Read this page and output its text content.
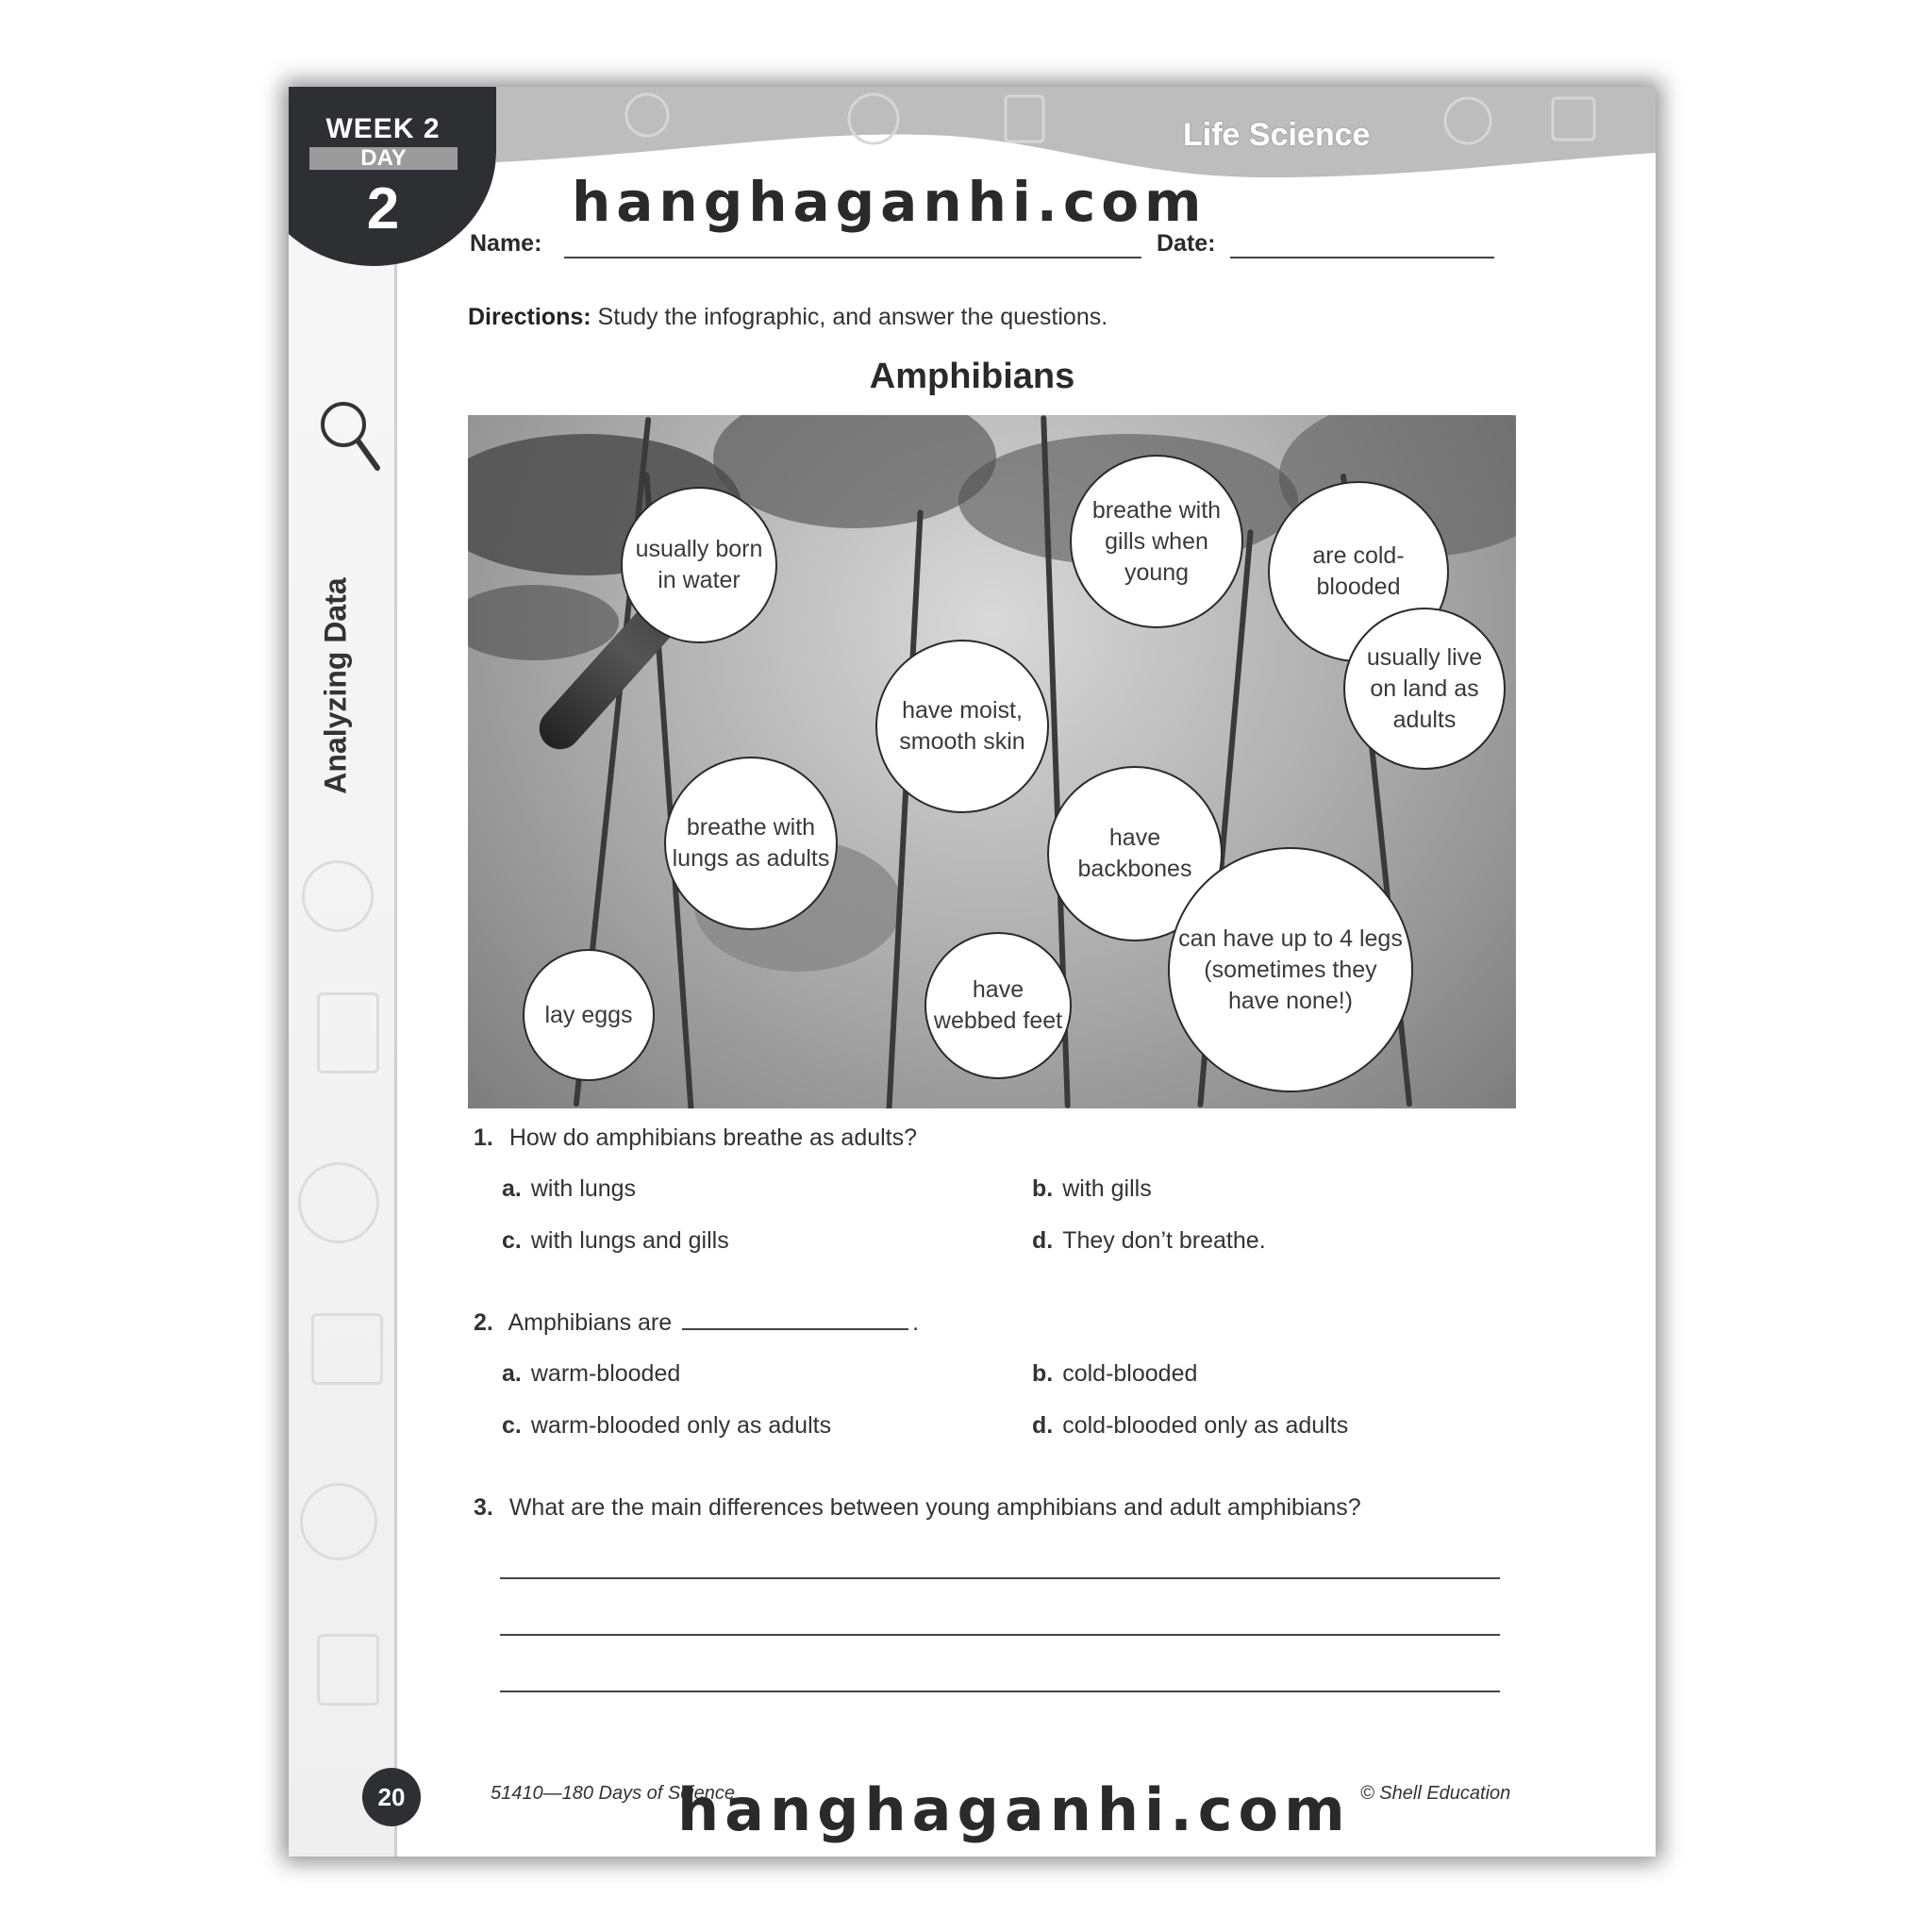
WEEK 2
DAY
2
Life Science
hanghaganhi.com
Name:	Date:
Analyzing Data
Directions: Study the infographic, and answer the questions.
Amphibians
usually born in water
breathe with gills when young
are cold-blooded
usually live on land as adults
have moist, smooth skin
breathe with lungs as adults
have backbones
can have up to 4 legs (sometimes they have none!)
have webbed feet
lay eggs
1. How do amphibians breathe as adults?
a. with lungs	b. with gills
c. with lungs and gills	d. They don’t breathe.
2. Amphibians are	.
a. warm-blooded	b. cold-blooded
c. warm-blooded only as adults	d. cold-blooded only as adults
3. What are the main differences between young amphibians and adult amphibians?
20	51410—180 Days of Science	© Shell Education
hanghaganhi.com
